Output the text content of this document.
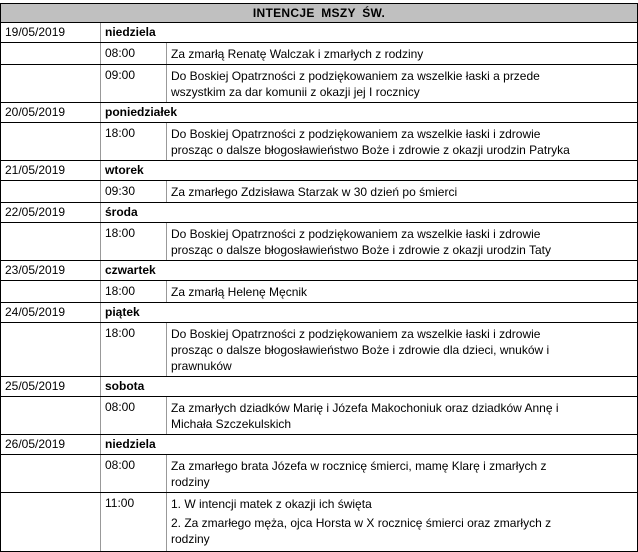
INTENCJE MSZY ŚW.
19/05/2019	niedziela
08:00	Za zmarłą Renatę Walczak i zmarłych z rodziny
09:00	Do Boskiej Opatrzności z podziękowaniem za wszelkie łaski a przede
wszystkim za dar komunii z okazji jej I rocznicy
20/05/2019	poniedziałek
18:00	Do Boskiej Opatrzności z podziękowaniem za wszelkie łaski i zdrowie
prosząc o dalsze błogosławieństwo Boże i zdrowie z okazji urodzin Patryka
21/05/2019	wtorek
09:30	Za zmarłego Zdzisława Starzak w 30 dzień po śmierci
22/05/2019	środa
18:00	Do Boskiej Opatrzności z podziękowaniem za wszelkie łaski i zdrowie
prosząc o dalsze błogosławieństwo Boże i zdrowie z okazji urodzin Taty
23/05/2019	czwartek
18:00	Za zmarłą Helenę Męcnik
24/05/2019	piątek
18:00	Do Boskiej Opatrzności z podziękowaniem za wszelkie łaski i zdrowie
prosząc o dalsze błogosławieństwo Boże i zdrowie dla dzieci, wnuków i
prawnuków
25/05/2019	sobota
08:00	Za zmarłych dziadków Marię i Józefa Makochoniuk oraz dziadków Annę i
Michała Szczekulskich
26/05/2019	niedziela
08:00	Za zmarłego brata Józefa w rocznicę śmierci, mamę Klarę i zmarłych z
rodziny
11:00	1. W intencji matek z okazji ich święta
2. Za zmarłego męża, ojca Horsta w X rocznicę śmierci oraz zmarłych z
rodziny
